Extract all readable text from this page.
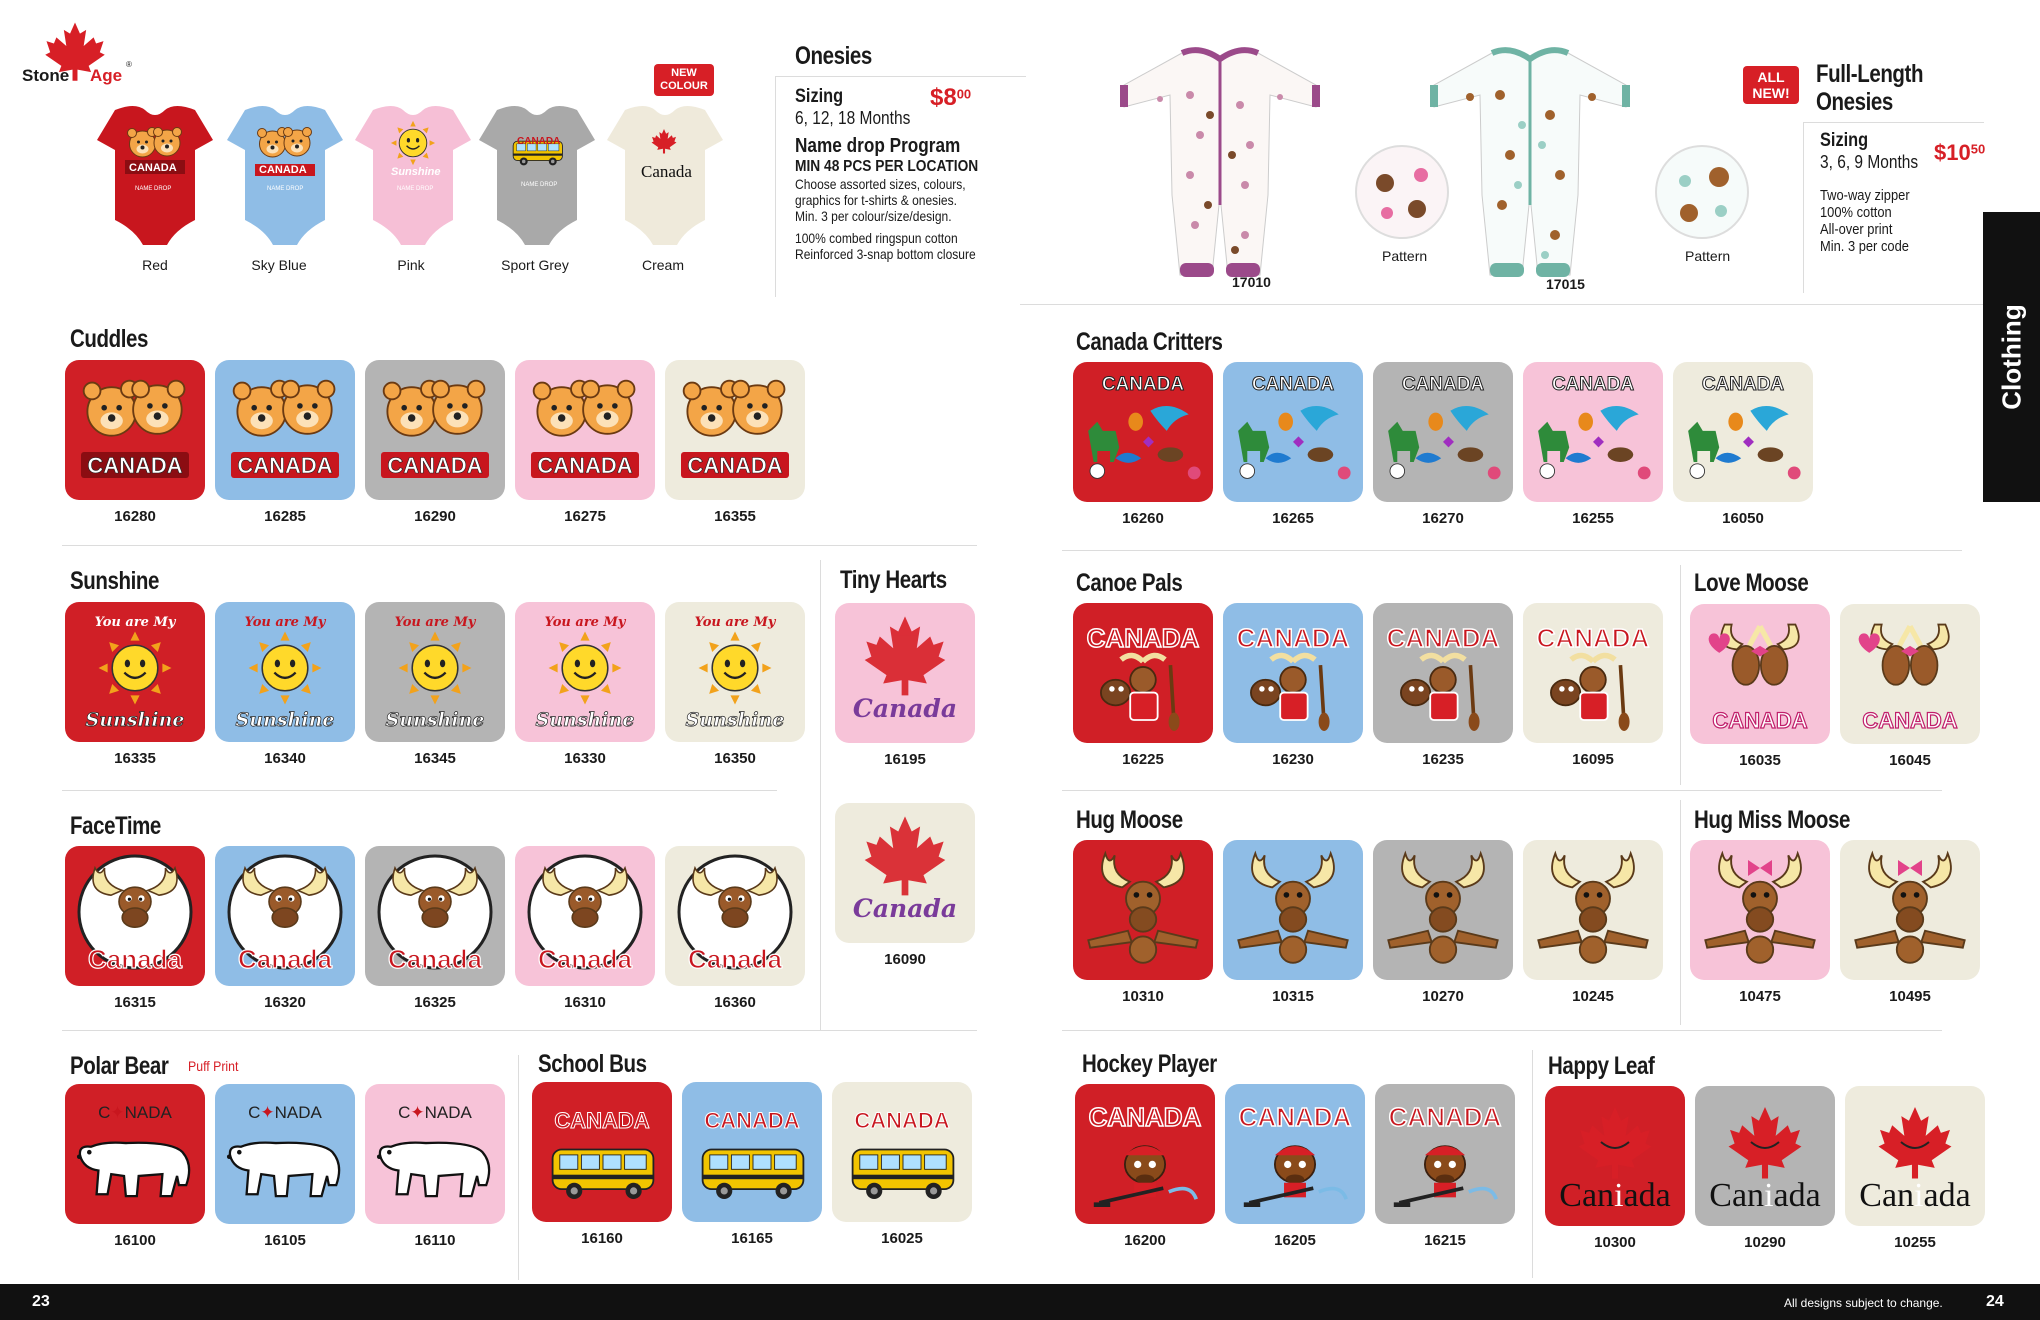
Stone Age
®
CANADA
NAME DROP
CANADA
NAME DROP
Sunshine
NAME DROP
CANADA
NAME DROP
Canada
Red	Sky Blue	Pink	Sport Grey	Cream
NEW
COLOUR
Onesies
Sizing
6, 12, 18 Months
Name drop Program
MIN 48 PCS PER LOCATION
Choose assorted sizes, colours,
graphics for t-shirts & onesies.
Min. 3 per colour/size/design.
100% combed ringspun cotton
Reinforced 3-snap bottom closure
$\$8^{00}$
17010	17015
Pattern	Pattern
ALL
NEW!
Full-Length
Onesies
Sizing
3, 6, 9 Months
Two-way zipper
100% cotton
All-over print
Min. 3 per code
$\$10^{50}$
Clothing
Cuddles
CANADA
16280
CANADA
16285
CANADA
16290
CANADA
16275
CANADA
16355
Sunshine
You are My
Sunshine
16335
You are My
Sunshine
16340
You are My
Sunshine
16345
You are My
Sunshine
16330
You are My
Sunshine
16350
Tiny Hearts
Canada
16195
Canada
16090
FaceTime
Canada
16315
Canada
16320
Canada
16325
Canada
16310
Canada
16360
Polar Bear Puff Print
C✦NADA
16100
C✦NADA
16105
C✦NADA
16110
School Bus
CANADA
16160
CANADA
16165
CANADA
16025
Canada Critters
CANADA
16260
CANADA
16265
CANADA
16270
CANADA
16255
CANADA
16050
Canoe Pals
CANADA
16225
CANADA
16230
CANADA
16235
CANADA
16095
Love Moose
CANADA
16035
CANADA
16045
Hug Moose
10310	10315	10270	10245
Hug Miss Moose
10475	10495
Hockey Player
CANADA
16200
CANADA
16205
CANADA
16215
Happy Leaf
Caniada
10300
Caniada
10290
Caniada
10255
23	All designs subject to change.	24
